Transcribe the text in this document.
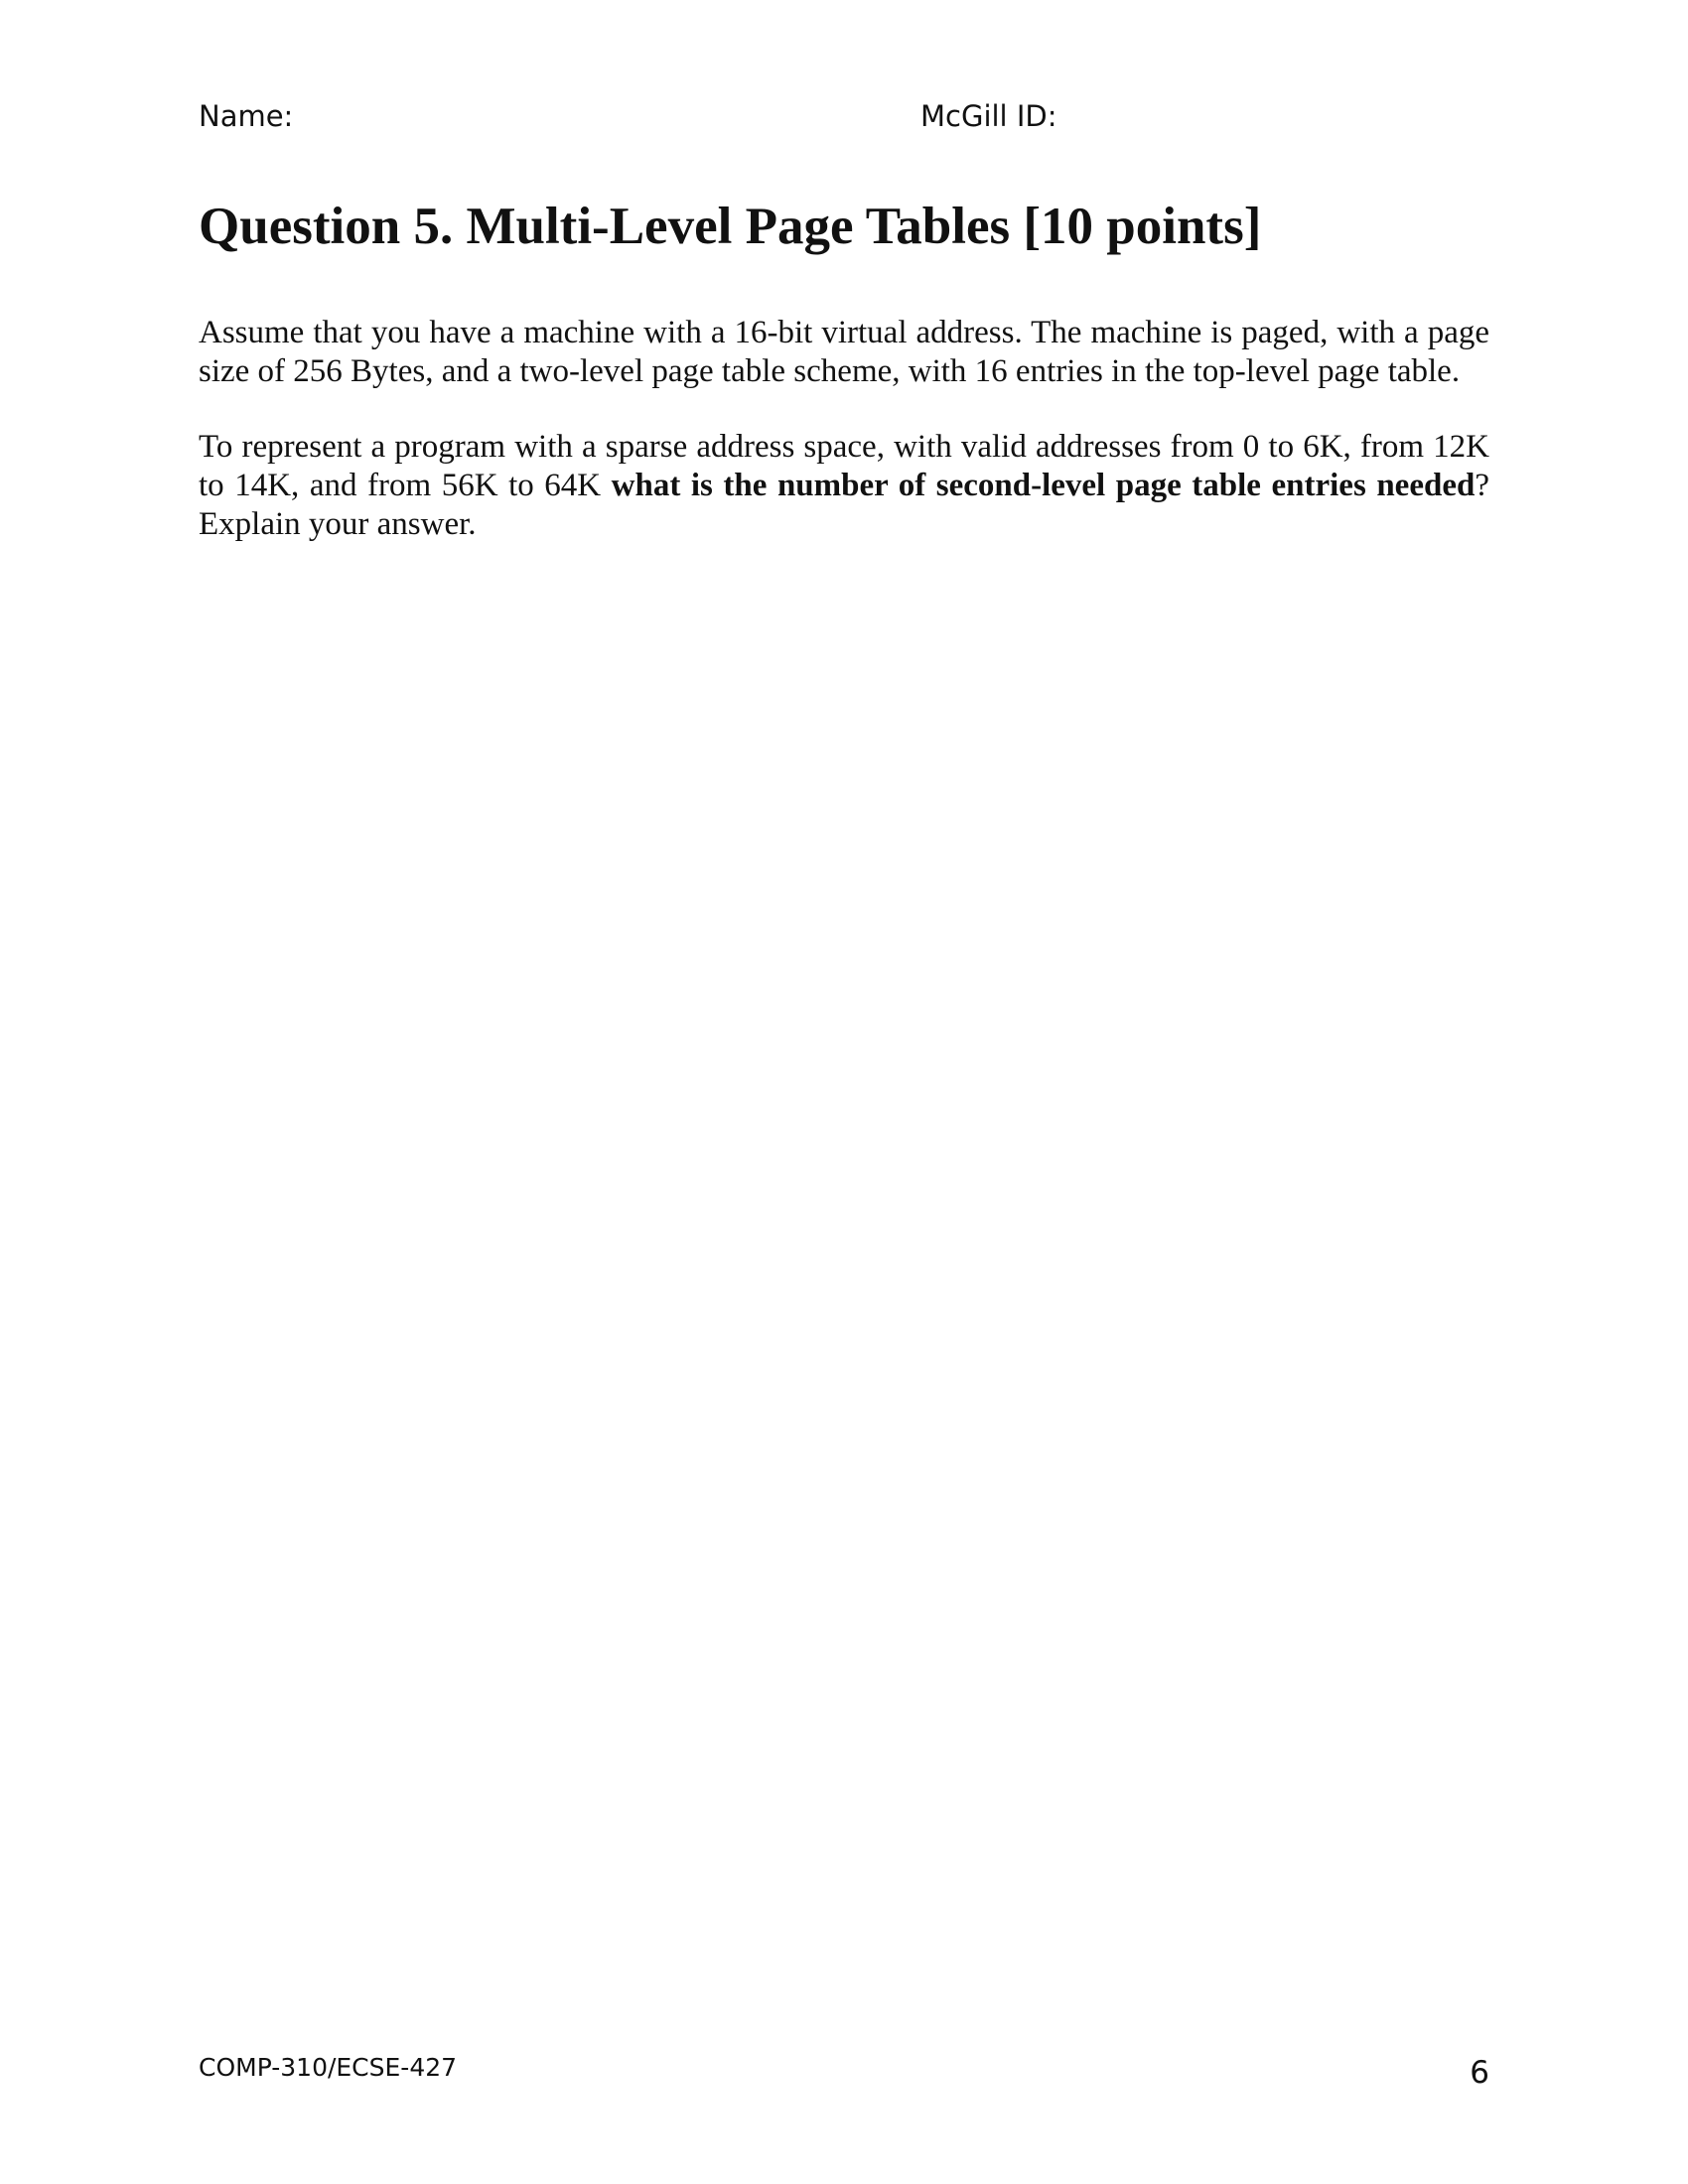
Name:	McGill ID:
Question 5. Multi-Level Page Tables [10 points]

Assume that you have a machine with a 16-bit virtual address. The machine is paged, with a page size of 256 Bytes, and a two-level page table scheme, with 16 entries in the top-level page table.

To represent a program with a sparse address space, with valid addresses from 0 to 6K, from 12K to 14K, and from 56K to 64K what is the number of second-level page table entries needed? Explain your answer.

COMP-310/ECSE-427	6
